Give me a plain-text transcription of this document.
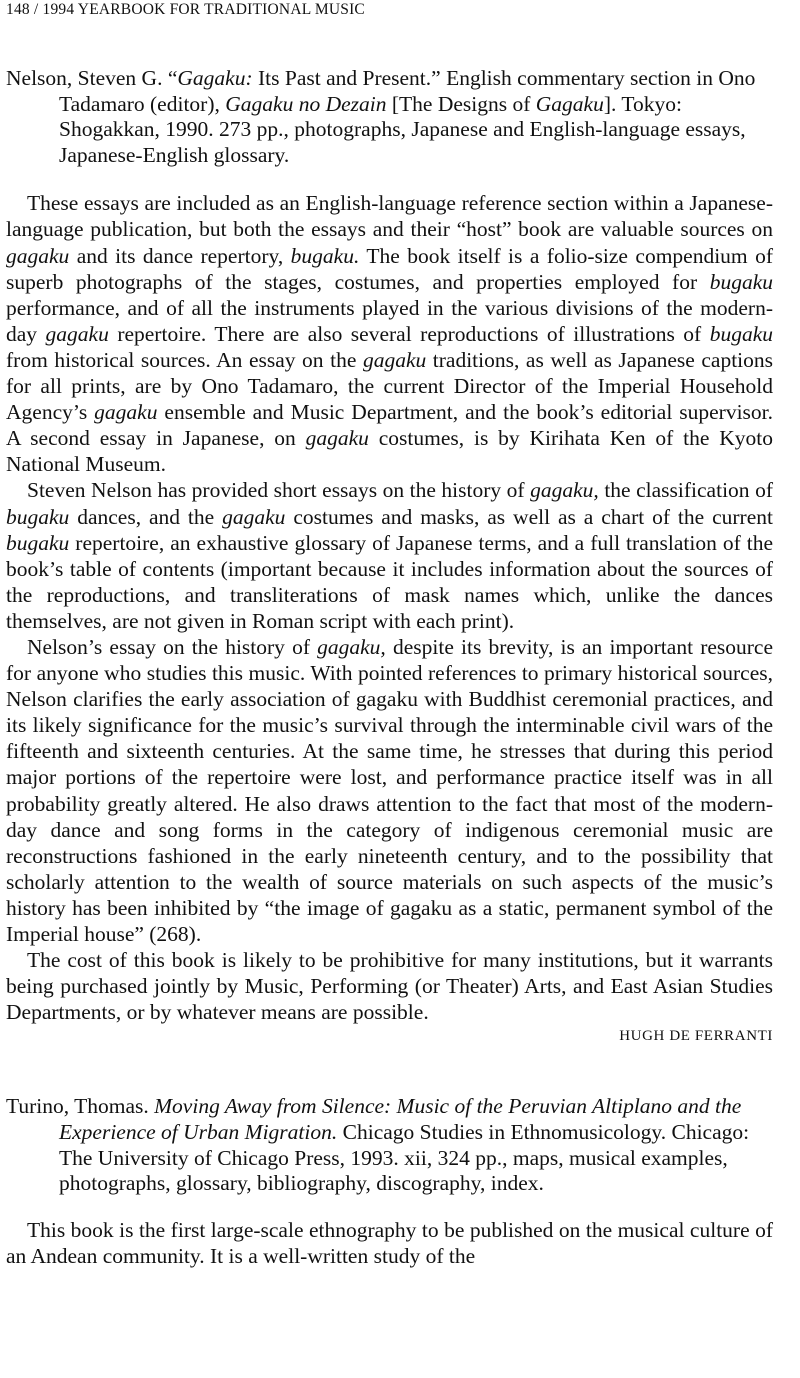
148 / 1994 YEARBOOK FOR TRADITIONAL MUSIC
Nelson, Steven G. “Gagaku: Its Past and Present.” English commentary section in Ono Tadamaro (editor), Gagaku no Dezain [The Designs of Gagaku]. Tokyo: Shogakkan, 1990. 273 pp., photographs, Japanese and English-language essays, Japanese-English glossary.

These essays are included as an English-language reference section within a Japanese-language publication, but both the essays and their “host” book are valuable sources on gagaku and its dance repertory, bugaku. The book itself is a folio-size compendium of superb photographs of the stages, costumes, and properties employed for bugaku performance, and of all the instruments played in the various divisions of the modern-day gagaku repertoire. There are also several reproductions of illustrations of bugaku from historical sources. An essay on the gagaku traditions, as well as Japanese captions for all prints, are by Ono Tadamaro, the current Director of the Imperial Household Agency’s gagaku ensemble and Music Department, and the book’s editorial supervisor. A second essay in Japanese, on gagaku costumes, is by Kirihata Ken of the Kyoto National Museum.

Steven Nelson has provided short essays on the history of gagaku, the classification of bugaku dances, and the gagaku costumes and masks, as well as a chart of the current bugaku repertoire, an exhaustive glossary of Japanese terms, and a full translation of the book’s table of contents (important because it includes information about the sources of the reproductions, and transliterations of mask names which, unlike the dances themselves, are not given in Roman script with each print).

Nelson’s essay on the history of gagaku, despite its brevity, is an important resource for anyone who studies this music. With pointed references to primary historical sources, Nelson clarifies the early association of gagaku with Buddhist ceremonial practices, and its likely significance for the music’s survival through the interminable civil wars of the fifteenth and sixteenth centuries. At the same time, he stresses that during this period major portions of the repertoire were lost, and performance practice itself was in all probability greatly altered. He also draws attention to the fact that most of the modern-day dance and song forms in the category of indigenous ceremonial music are reconstructions fashioned in the early nineteenth century, and to the possibility that scholarly attention to the wealth of source materials on such aspects of the music’s history has been inhibited by “the image of gagaku as a static, permanent symbol of the Imperial house” (268).

The cost of this book is likely to be prohibitive for many institutions, but it warrants being purchased jointly by Music, Performing (or Theater) Arts, and East Asian Studies Departments, or by whatever means are possible.

HUGH DE FERRANTI
Turino, Thomas. Moving Away from Silence: Music of the Peruvian Altiplano and the Experience of Urban Migration. Chicago Studies in Ethnomusicology. Chicago: The University of Chicago Press, 1993. xii, 324 pp., maps, musical examples, photographs, glossary, bibliography, discography, index.

This book is the first large-scale ethnography to be published on the musical culture of an Andean community. It is a well-written study of the
